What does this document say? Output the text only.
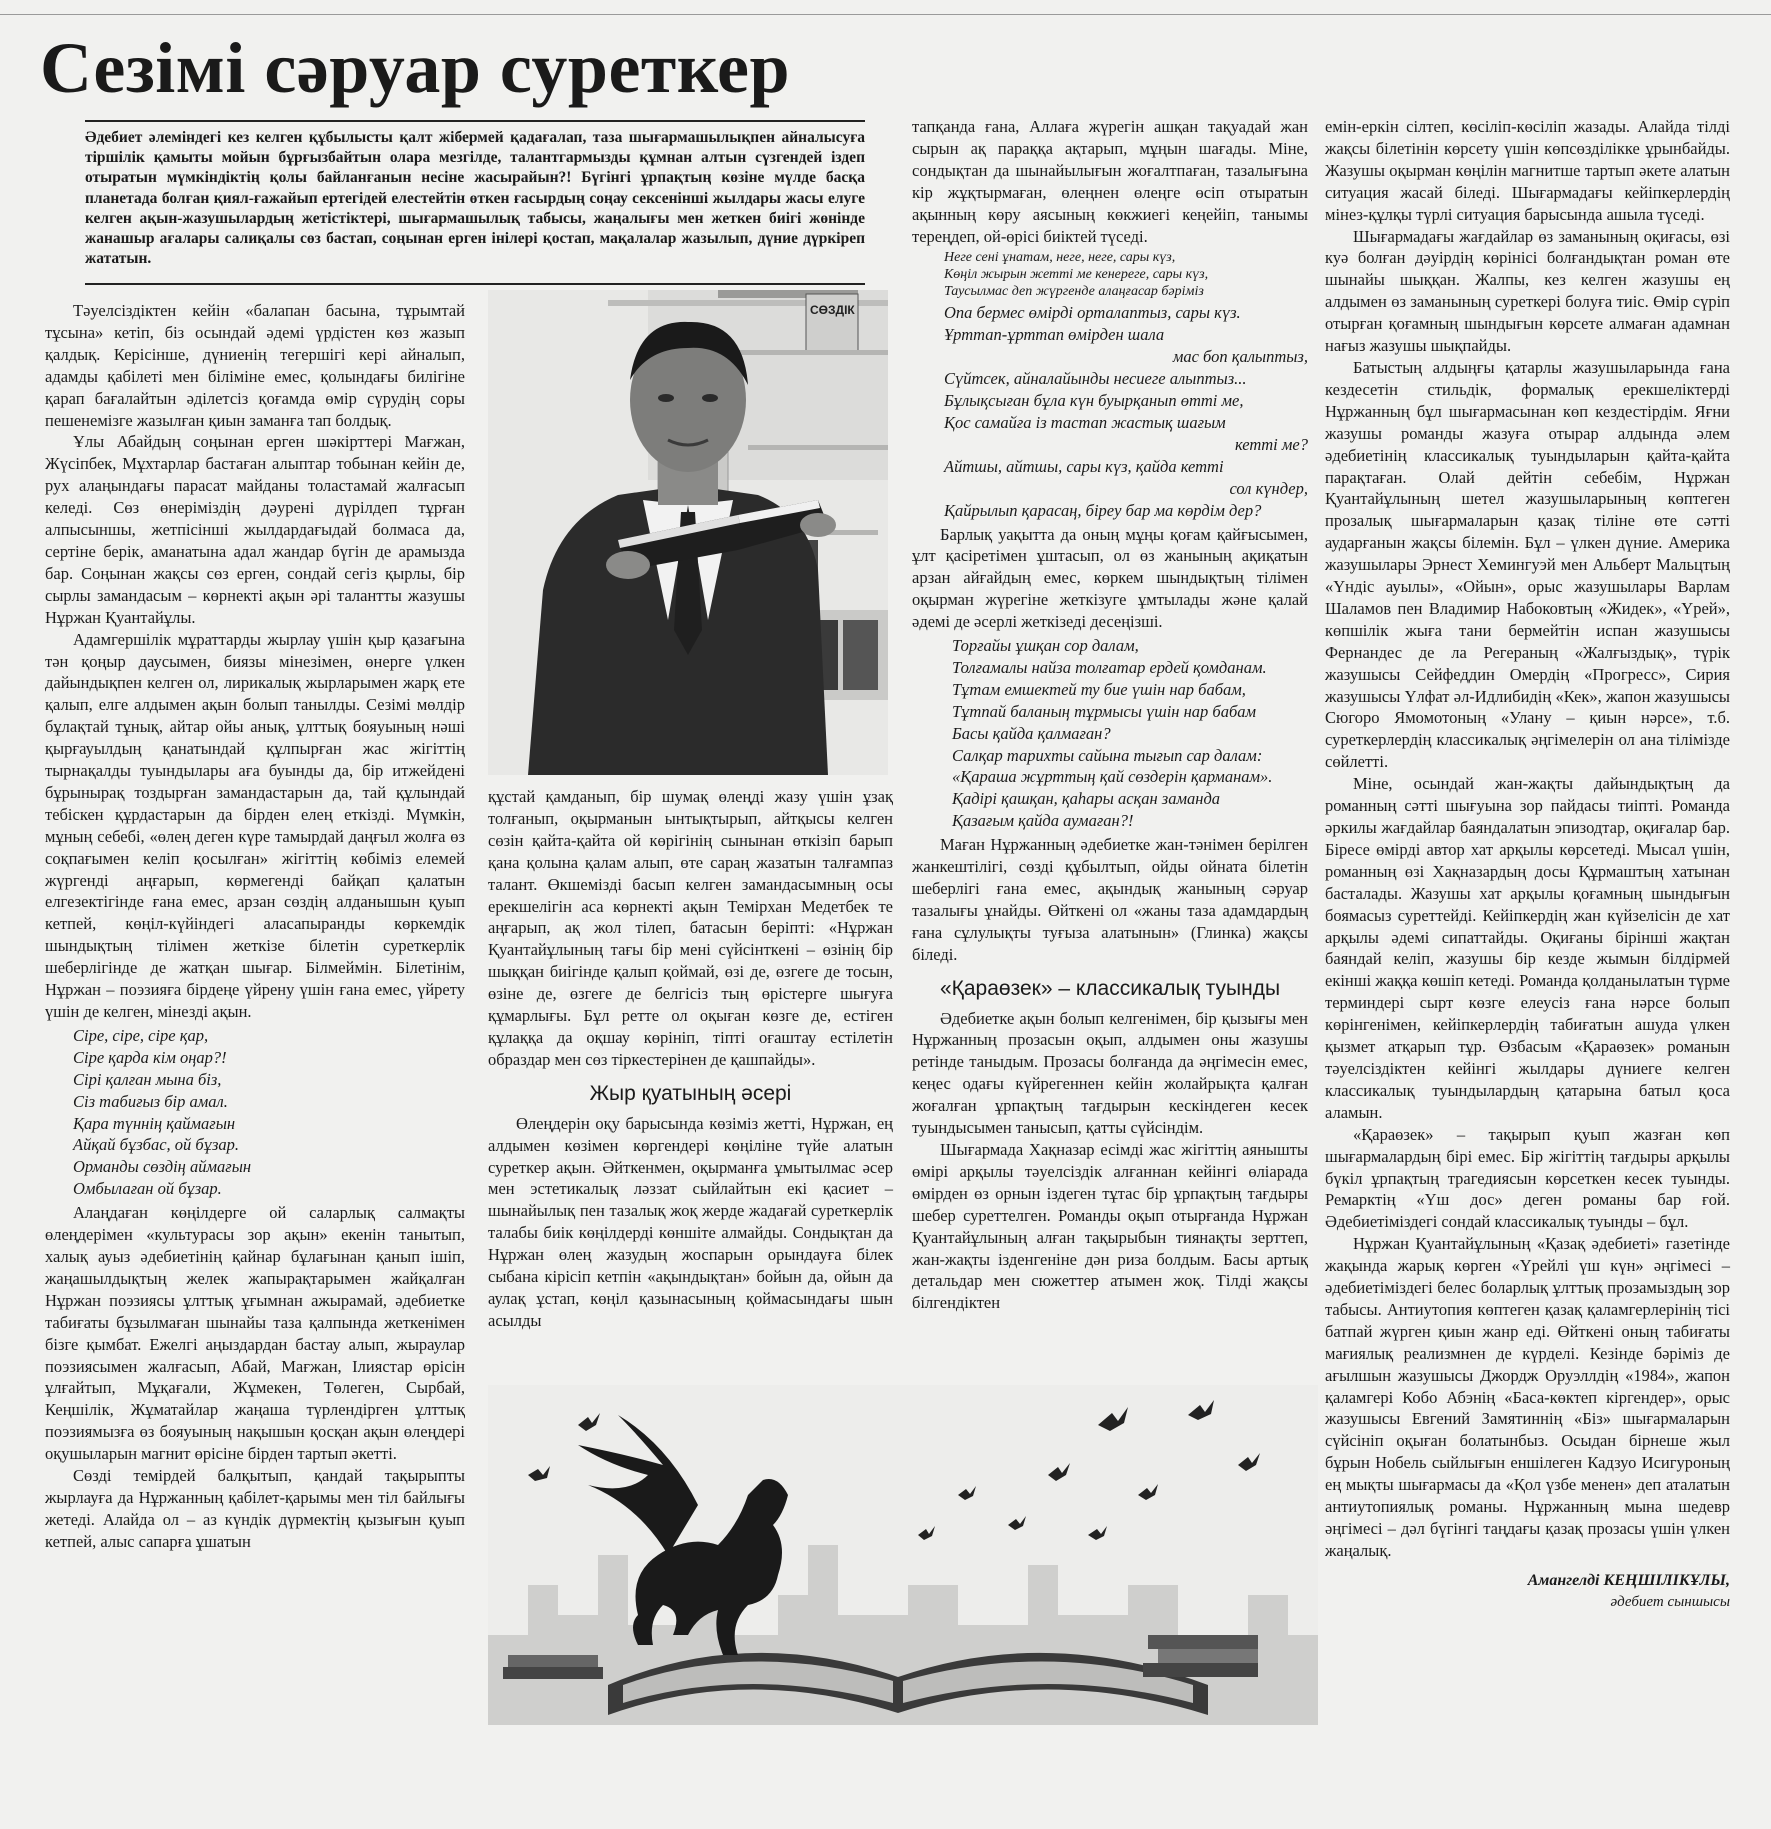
Сезімі сәруар суреткер

Әдебиет әлеміндегі кез келген құбылысты қалт жібермей қадағалап, таза шығармашылықпен айналысуға тіршілік қамыты мойын бұрғызбайтын олара мезгілде, талантгармызды құмнан алтын сүзгендей іздеп отыратын мүмкіндіктің қолы байланғанын несіне жасырайын?! Бүгінгі ұрпақтың көзіне мүлде басқа планетада болған қиял-ғажайып ертегідей елестейтін өткен ғасырдың соңау сексенінші жылдары жасы елуге келген ақын-жазушылардың жетістіктері, шығармашылық табысы, жаңалығы мен жеткен биігі жөнінде жанашыр ағалары салиқалы сөз бастап, соңынан ерген інілері қостап, мақалалар жазылып, дүние дүркіреп жататын.

Тәуелсіздіктен кейін «балапан басына, тұрымтай тұсына» кетіп, біз осындай әдемі үрдістен көз жазып қалдық. Керісінше, дүниенің тегершігі кері айналып, адамды қабілеті мен біліміне емес, қолындағы билігіне қарап бағалайтын әділетсіз қоғамда өмір сүрудің соры пешенемізге жазылған қиын заманға тап болдық.

Ұлы Абайдың соңынан ерген шәкірттері Мағжан, Жүсіпбек, Мұхтарлар бастаған алыптар тобынан кейін де, рух алаңындағы парасат майданы толастамай жалғасып келеді. Сөз өнеріміздің дәуренi дүрілдеп тұрған алпысыншы, жетпісінші жылдардағыдай болмаса да, сертіне берік, аманатына адал жандар бүгін де арамызда бар. Соңынан жақсы сөз ерген, сондай сегіз қырлы, бір сырлы замандасым – көрнекті ақын әрі талантты жазушы Нұржан Қуантайұлы.

Адамгершілік мұраттарды жырлау үшін қыр қазағына тән қоңыр даусымен, биязы мінезімен, өнерге үлкен дайындықпен келген ол, лирикалық жырларымен жарқ ете қалып, елге алдымен ақын болып танылды. Сезімі мөлдір бұлақтай тұнық, айтар ойы анық, ұлттық бояуының нәші қырғауылдың қанатындай құлпырған жас жігіттің тырнақалды туындылары аға буынды да, бір итжейдені бұрынырақ тоздырған замандастарын да, тай құлындай тебіскен құрдастарын да бірден елең еткізді. Мүмкін, мұның себебі, «өлең деген күре тамырдай даңғыл жолға өз соқпағымен келіп қосылған» жігіттің көбіміз елемей жүргенді аңғарып, көрмегенді байқап қалатын елгезектігінде ғана емес, арзан сөздің алданышын қуып кетпей, көңіл-күйіндегі аласапыранды көркемдік шындықтың тілімен жеткізе білетін суреткерлік шеберлігінде де жатқан шығар. Білмеймін. Білетінім, Нұржан – поэзияға бірдеңе үйрену үшін ғана емес, үйрету үшін де келген, мінезді ақын.

Сіре, сіре, сіре қар,
Сіре қарда кім оңар?!
Сірі қалған мына біз,
Сіз табиғыз бір амал.
Қара түннің қаймағын
Айқай бұзбас, ой бұзар.
Орманды сөздің аймағын
Омбылаған ой бұзар.

Алаңдаған көңілдерге ой саларлық салмақты өлеңдерімен «культурасы зор ақын» екенін танытып, халық ауыз әдебиетінің қайнар бұлағынан қанып ішіп, жаңашылдықтың желек жапырақтарымен жайқалған Нұржан поэзиясы ұлттық ұғымнан ажырамай, әдебиетке табиғаты бұзылмаған шынайы таза қалпында жеткенімен бізге қымбат. Ежелгі аңыздардан бастау алып, жыраулар поэзиясымен жалғасып, Абай, Мағжан, Ілиястар өрісін ұлғайтып, Мұқағали, Жұмекен, Төлеген, Сырбай, Кеңшілік, Жұматайлар жаңаша түрлендірген ұлттық поэзиямызға өз бояуының нақышын қосқан ақын өлеңдері оқушыларын магнит өрісіне бірден тартып әкетті.

Сөзді темірдей балқытып, қандай тақырыпты жырлауға да Нұржанның қабілет-қарымы мен тіл байлығы жетеді. Алайда ол – аз күндік дүрмектің қызығын қуып кетпей, алыс сапарға ұшатын

СӨЗДІК

құстай қамданып, бір шумақ өлеңді жазу үшін ұзақ толғанып, оқырманын ынтықтырып, айтқысы келген сөзін қайта-қайта ой көрігінің сынынан өткізіп барып қана қолына қалам алып, өте сараң жазатын талғампаз талант. Өкшемізді басып келген замандасымның осы ерекшелігін аса көрнекті ақын Темірхан Медетбек те аңғарып, ақ жол тілеп, батасын беріпті: «Нұржан Қуантайұлының тағы бір мені сүйсінткені – өзінің бір шыққан биігінде қалып қоймай, өзі де, өзгеге де тосын, өзіне де, өзгеге де белгісіз тың өрістерге шығуға құмарлығы. Бұл ретте ол оқыған көзге де, естіген құлаққа да оқшау көрініп, тіпті оғаштау естілетін образдар мен сөз тіркестерінен де қашпайды».

Жыр қуатының әсері

Өлеңдерін оқу барысында көзіміз жетті, Нұржан, ең алдымен көзімен көргендері көңіліне түйе алатын суреткер ақын. Әйткенмен, оқырманға ұмытылмас әсер мен эстетикалық ләззат сыйлайтын екі қасиет – шынайылық пен тазалық жоқ жерде жадағай суреткерлік талабы биік көңілдерді көншіте алмайды. Сондықтан да Нұржан өлең жазудың жоспарын орындауға білек сыбана кірісіп кетпін «ақындықтан» бойын да, ойын да аулақ ұстап, көңіл қазынасының қоймасындағы шын асылды

тапқанда ғана, Аллаға жүрегін ашқан тақуадай жан сырын ақ параққа ақтарып, мұңын шағады. Міне, сондықтан да шынайылығын жоғалтпаған, тазалығына кір жұқтырмаған, өлеңнен өлеңге өсіп отыратын ақынның көру аясының көкжиегі кеңейіп, танымы тереңдеп, ой-өрісі биіктей түседі.

Неге сені ұнатам, неге, неге, сары күз,
Көңіл жырын жетті ме кенереге, сары күз,
Таусылмас деп жүргенде алаңғасар бәріміз
Опа бермес өмірді орталаптыз, сары күз.
Ұрттап-ұрттап өмірден шала
мас боп қалыптыз,
Сүйтсек, айналайынды несиеге алыптыз...
Бұлықсыған бұла күн буырқанып өтті ме,
Қос самайға із тастап жастық шағым
кетті ме?
Айтшы, айтшы, сары күз, қайда кетті
сол күндер,
Қайрылып қарасаң, біреу бар ма көрдім дер?

Барлық уақытта да оның мұңы қоғам қайғысымен, ұлт қасіретімен ұштасып, ол өз жанының ақиқатын арзан айғайдың емес, көркем шындықтың тілімен оқырман жүрегіне жеткізуге ұмтылады және қалай әдемі де әсерлі жеткізеді десеңізші.

Торғайы ұшқан сор далам,
Толғамалы найза толғатар ердей қомданам.
Тұтам емшектей ту бие үшін нар бабам,
Тұтпай баланың тұрмысы үшін нар бабам
Басы қайда қалмаған?
Салқар тарихты сайына тығып сар далам:
«Қараша жұрттың қай сөздерін қарманам».
Қадірі қашқан, қаһары асқан заманда
Қазағым қайда аумаған?!

Маған Нұржанның әдебиетке жан-тәнімен берілген жанкештілігі, сөзді құбылтып, ойды ойната білетін шеберлігі ғана емес, ақындық жанының сәруар тазалығы ұнайды. Өйткені ол «жаны таза адамдардың ғана сұлулықты туғыза алатынын» (Глинка) жақсы біледі.

«Қараөзек» – классикалық туынды

Әдебиетке ақын болып келгенімен, бір қызығы мен Нұржанның прозасын оқып, алдымен оны жазушы ретінде таныдым. Прозасы болғанда да әңгімесін емес, кеңес одағы күйрегеннен кейін жолайрықта қалған жоғалған ұрпақтың тағдырын кескіндеген кесек туындысымен танысып, қатты сүйсіндім.

Шығармада Хақназар есімді жас жігіттің аянышты өмірі арқылы тәуелсіздік алғаннан кейінгі өліарада өмірден өз орнын іздеген тұтас бір ұрпақтың тағдыры шебер суреттелген. Романды оқып отырғанда Нұржан Қуантайұлының алған тақырыбын тиянақты зерттеп, жан-жақты ізденгеніне дән риза болдым. Басы артық детальдар мен сюжеттер атымен жоқ. Тілді жақсы білгендіктен

емін-еркін сілтеп, көсіліп-көсіліп жазады. Алайда тілді жақсы білетінін көрсету үшін көпсөзділікке ұрынбайды. Жазушы оқырман көңілін магнитше тартып әкете алатын ситуация жасай біледі. Шығармадағы кейіпкерлердің мінез-құлқы түрлі ситуация барысында ашыла түседі.

Шығармадағы жағдайлар өз заманының оқиғасы, өзі куә болған дәуірдің көрінісі болғандықтан роман өте шынайы шыққан. Жалпы, кез келген жазушы ең алдымен өз заманының суреткері болуға тиіс. Өмір сүріп отырған қоғамның шындығын көрсете алмаған адамнан нағыз жазушы шықпайды.

Батыстың алдыңғы қатарлы жазушыларында ғана кездесетін стильдік, формалық ерекшеліктерді Нұржанның бұл шығармасынан көп кездестірдім. Яғни жазушы романды жазуға отырар алдында әлем әдебиетінің классикалық туындыларын қайта-қайта парақтаған. Олай дейтін себебім, Нұржан Қуантайұлының шетел жазушыларының көптеген прозалық шығармаларын қазақ тіліне өте сәтті аударғанын жақсы білемін. Бұл – үлкен дүние. Америка жазушылары Эрнест Хемингуэй мен Альберт Мальцтың «Үндіс ауылы», «Ойын», орыс жазушылары Варлам Шаламов пен Владимир Набоковтың «Жидек», «Үрей», көпшілік жыға тани бермейтін испан жазушысы Фернандес де ла Регераның «Жалғыздық», түрік жазушысы Сейфеддин Омердің «Прогресс», Сирия жазушысы Үлфат әл-Идлибидің «Кек», жапон жазушысы Сюгоро Ямомотоның «Улану – қиын нәрсе», т.б. суреткерлердің классикалық әңгімелерін ол ана тілімізде сөйлетті.

Міне, осындай жан-жақты дайындықтың да романның сәтті шығуына зор пайдасы тиіпті. Романда әркилы жағдайлар баяндалатын эпизодтар, оқиғалар бар. Біресе өмірді автор хат арқылы көрсетеді. Мысал үшін, романның өзі Хақназардың досы Құрмаштың хатынан басталады. Жазушы хат арқылы қоғамның шындығын боямасыз суреттейді. Кейіпкердің жан күйзелісін де хат арқылы әдемі сипаттайды. Оқиғаны бірінші жақтан баяндай келіп, жазушы бір кезде жымын білдірмей екінші жаққа көшіп кетеді. Романда қолданылатын түрме терминдері сырт көзге елеусіз ғана нәрсе болып көрінгенімен, кейіпкерлердің табиғатын ашуда үлкен қызмет атқарып тұр. Өзбасым «Қараөзек» романын тәуелсіздіктен кейінгі жылдары дүниеге келген классикалық туындылардың қатарына батыл қоса аламын.

«Қараөзек» – тақырып қуып жазған көп шығармалардың бірі емес. Бір жігіттің тағдыры арқылы бүкіл ұрпақтың трагедиясын көрсеткен кесек туынды. Ремарктің «Үш дос» деген романы бар ғой. Әдебиетіміздегі сондай классикалық туынды – бұл.

Нұржан Қуантайұлының «Қазақ әдебиеті» газетінде жақында жарық көрген «Үрейлі үш күн» әңгімесі – әдебиетіміздегі белес боларлық ұлттық прозамыздың зор табысы. Антиутопия көптеген қазақ қаламгерлерінің тісі батпай жүрген қиын жанр еді. Өйткені оның табиғаты мағиялық реализмнен де күрделі. Кезінде бәріміз де ағылшын жазушысы Джордж Оруэллдің «1984», жапон қаламгері Кобо Абэнің «Баса-көктеп кіргендер», орыс жазушысы Евгений Замятиннің «Біз» шығармаларын сүйсініп оқыған болатынбыз. Осыдан бірнеше жыл бұрын Нобель сыйлығын еншілеген Кадзуо Исигуроның ең мықты шығармасы да «Қол үзбе менен» деп аталатын антиутопиялық романы. Нұржанның мына шедевр әңгімесі – дәл бүгінгі таңдағы қазақ прозасы үшін үлкен жаңалық.

Амангелді КЕҢШІЛІКҰЛЫ,
әдебиет сыншысы
